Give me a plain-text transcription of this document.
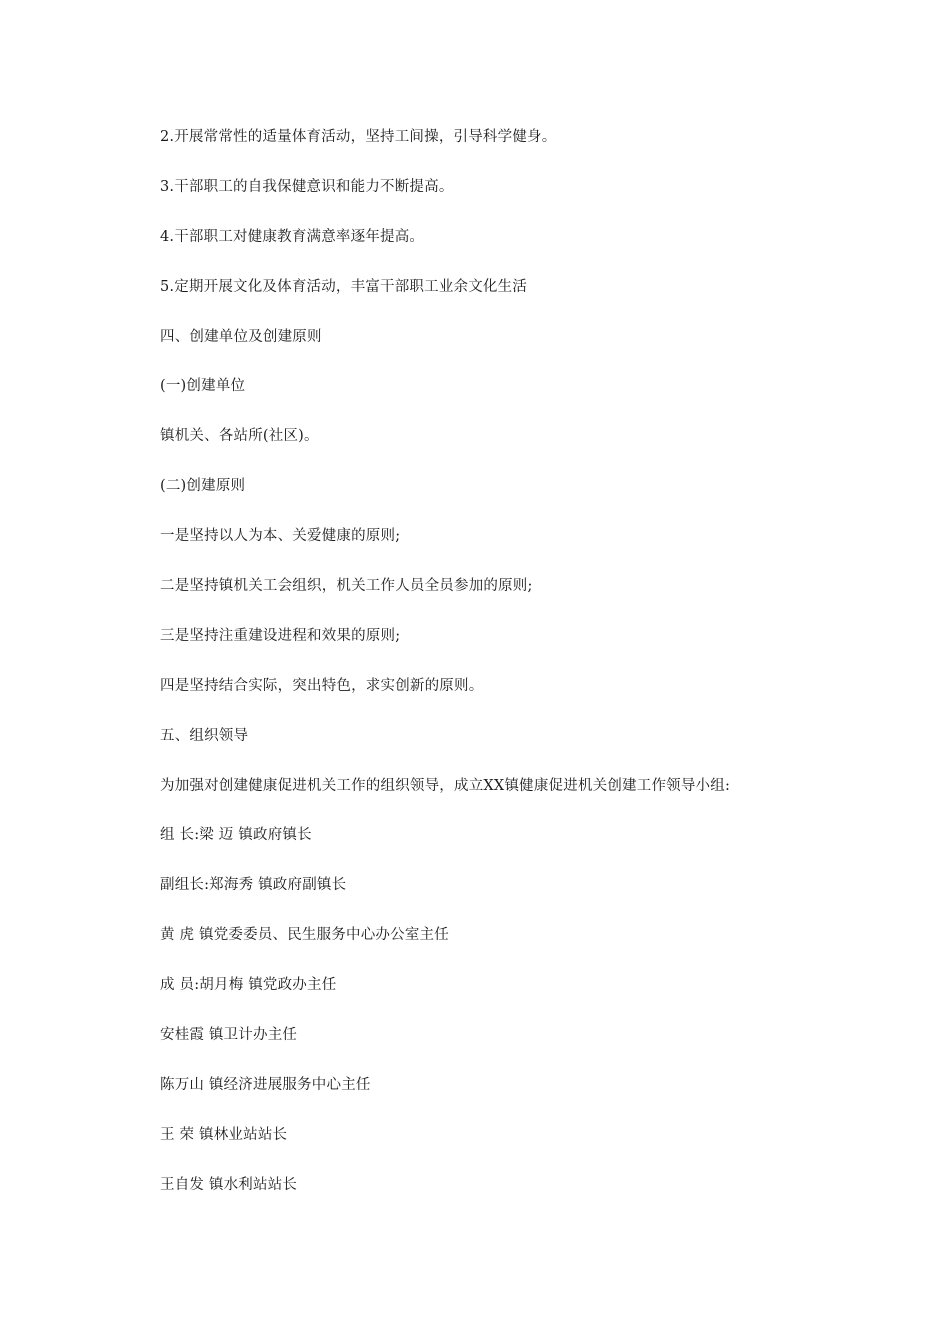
2.开展常常性的适量体育活动，坚持工间操，引导科学健身。
3.干部职工的自我保健意识和能力不断提高。
4.干部职工对健康教育满意率逐年提高。
5.定期开展文化及体育活动，丰富干部职工业余文化生活
四、创建单位及创建原则
(一)创建单位
镇机关、各站所(社区)。
(二)创建原则
一是坚持以人为本、关爱健康的原则;
二是坚持镇机关工会组织，机关工作人员全员参加的原则;
三是坚持注重建设进程和效果的原则;
四是坚持结合实际，突出特色，求实创新的原则。
五、组织领导
为加强对创建健康促进机关工作的组织领导，成立XX镇健康促进机关创建工作领导小组:
组 长:梁 迈 镇政府镇长
副组长:郑海秀 镇政府副镇长
黄 虎 镇党委委员、民生服务中心办公室主任
成 员:胡月梅 镇党政办主任
安桂霞 镇卫计办主任
陈万山 镇经济进展服务中心主任
王 荣 镇林业站站长
王自发 镇水利站站长
